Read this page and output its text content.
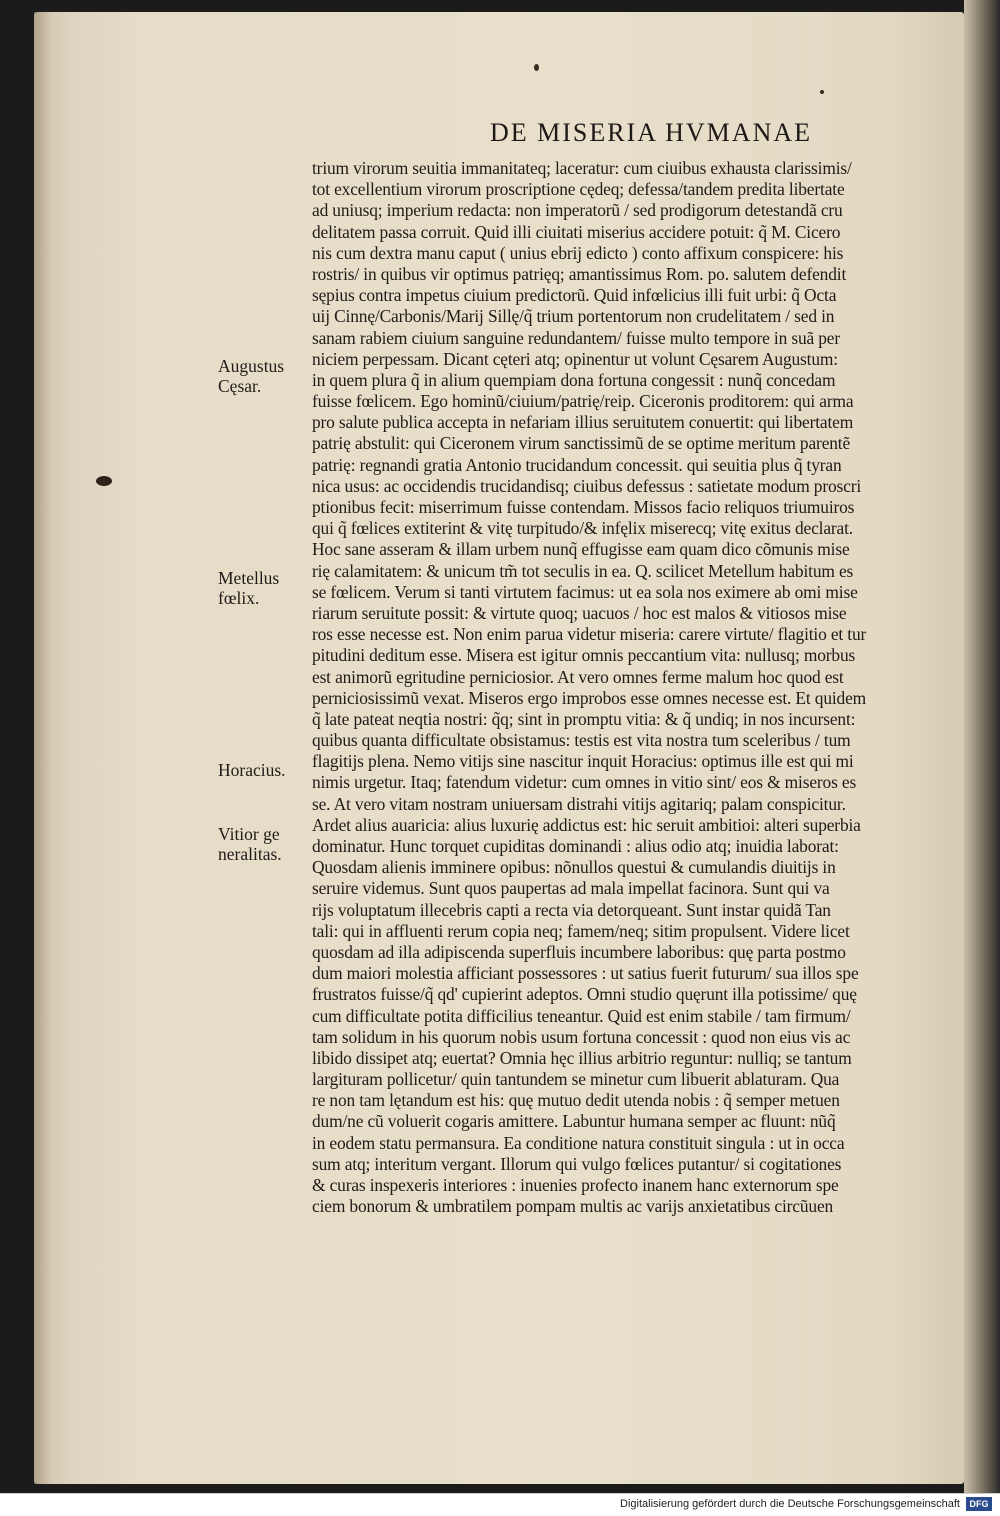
DE MISERIA HVMANAE
trium virorum seuitia immanitateq; laceratur: cum ciuibus exhausta clarissimis/
tot excellentium virorum proscriptione cędeq; defessa/tandem predita libertate
ad uniusq; imperium redacta: non imperatorũ / sed prodigorum detestandã cru
delitatem passa corruit. Quid illi ciuitati miserius accidere potuit: q̃ M. Cicero
nis cum dextra manu caput ( unius ebrij edicto ) conto affixum conspicere: his
rostris/ in quibus vir optimus patrięq; amantissimus Rom. po. salutem defendit
sępius contra impetus ciuium predictorũ. Quid infœlicius illi fuit urbi: q̃ Octa
uij Cinnę/Carbonis/Marij Sillę/q̃ trium portentorum non crudelitatem / sed in
sanam rabiem ciuium sanguine redundantem/ fuisse multo tempore in suã per
niciem perpessam. Dicant cęteri atq; opinentur ut volunt Cęsarem Augustum:
in quem plura q̃ in alium quempiam dona fortuna congessit : nunq̃ concedam
fuisse fœlicem. Ego hominũ/ciuium/patrię/reip. Ciceronis proditorem: qui arma
pro salute publica accepta in nefariam illius seruitutem conuertit: qui libertatem
patrię abstulit: qui Ciceronem virum sanctissimũ de se optime meritum parentẽ
patrię: regnandi gratia Antonio trucidandum concessit. qui seuitia plus q̃ tyran
nica usus: ac occidendis trucidandisq; ciuibus defessus : satietate modum proscri
ptionibus fecit: miserrimum fuisse contendam. Missos facio reliquos triumuiros
qui q̃ fœlices extiterint & vitę turpitudo/& infęlix miserecq; vitę exitus declarat.
Hoc sane asseram & illam urbem nunq̃ effugisse eam quam dico cõmunis mise
rię calamitatem: & unicum tm̃ tot seculis in ea. Q. scilicet Metellum habitum es
se fœlicem. Verum si tanti virtutem facimus: ut ea sola nos eximere ab omi mise
riarum seruitute possit: & virtute quoq; uacuos / hoc est malos & vitiosos mise
ros esse necesse est. Non enim parua videtur miseria: carere virtute/ flagitio et tur
pitudini deditum esse. Misera est igitur omnis peccantium vita: nullusq; morbus
est animorũ egritudine perniciosior. At vero omnes ferme malum hoc quod est
perniciosissimũ vexat. Miseros ergo improbos esse omnes necesse est. Et quidem
q̃ late pateat neqtia nostri: q̃q; sint in promptu vitia: & q̃ undiq; in nos incursent:
quibus quanta difficultate obsistamus: testis est vita nostra tum sceleribus / tum
flagitijs plena. Nemo vitijs sine nascitur inquit Horacius: optimus ille est qui mi
nimis urgetur. Itaq; fatendum videtur: cum omnes in vitio sint/ eos & miseros es
se. At vero vitam nostram uniuersam distrahi vitijs agitariq; palam conspicitur.
Ardet alius auaricia: alius luxurię addictus est: hic seruit ambitioi: alteri superbia
dominatur. Hunc torquet cupiditas dominandi : alius odio atq; inuidia laborat:
Quosdam alienis imminere opibus: nõnullos questui & cumulandis diuitijs in
seruire videmus. Sunt quos paupertas ad mala impellat facinora. Sunt qui va
rijs voluptatum illecebris capti a recta via detorqueant. Sunt instar quidã Tan
tali: qui in affluenti rerum copia neq; famem/neq; sitim propulsent. Videre licet
quosdam ad illa adipiscenda superfluis incumbere laboribus: quę parta postmo
dum maiori molestia afficiant possessores : ut satius fuerit futurum/ sua illos spe
frustratos fuisse/q̃ qd' cupierint adeptos. Omni studio quęrunt illa potissime/ quę
cum difficultate potita difficilius teneantur. Quid est enim stabile / tam firmum/
tam solidum in his quorum nobis usum fortuna concessit : quod non eius vis ac
libido dissipet atq; euertat? Omnia hęc illius arbitrio reguntur: nulliq; se tantum
largituram pollicetur/ quin tantundem se minetur cum libuerit ablaturam. Qua
re non tam lętandum est his: quę mutuo dedit utenda nobis : q̃ semper metuen
dum/ne cũ voluerit cogaris amittere. Labuntur humana semper ac fluunt: nũq̃
in eodem statu permansura. Ea conditione natura constituit singula : ut in occa
sum atq; interitum vergant. Illorum qui vulgo fœlices putantur/ si cogitationes
& curas inspexeris interiores : inuenies profecto inanem hanc externorum spe
ciem bonorum & umbratilem pompam multis ac varijs anxietatibus circũuen
Augustus
Cęsar.
Metellus
fœlix.
Horacius.
Vitior ge
neralitas.
Digitalisierung gefördert durch die Deutsche Forschungsgemeinschaft	DFG
